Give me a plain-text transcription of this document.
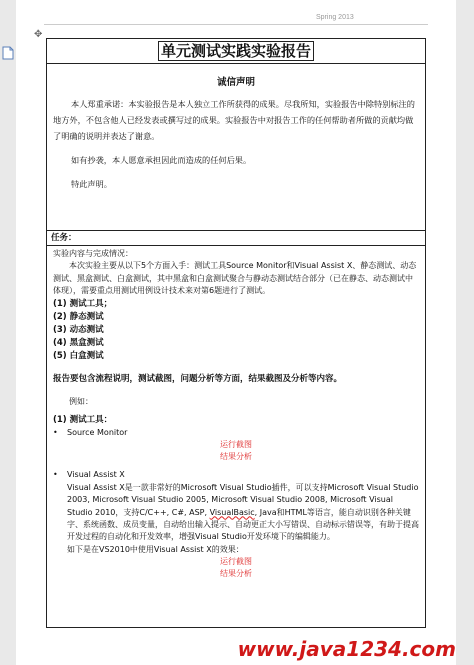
Spring 2013
✥
单元测试实践实验报告
诚信声明

本人郑重承诺：本实验报告是本人独立工作所获得的成果。尽我所知，实验报告中除特别标注的地方外，不包含他人已经发表或撰写过的成果。实验报告中对报告工作的任何帮助者所做的贡献均做了明确的说明并表达了谢意。

如有抄袭，本人愿意承担因此而造成的任何后果。

特此声明。

任务：
实验内容与完成情况：
本次实验主要从以下5个方面入手：测试工具Source Monitor和Visual Assist X、静态测试、动态测试、黑盒测试、白盒测试，其中黑盒和白盒测试聚合与静动态测试结合部分（已在静态、动态测试中体现），需要重点用测试用例设计技术来对第6题进行了测试。
(1) 测试工具；
(2) 静态测试
(3) 动态测试
(4) 黑盒测试
(5) 白盒测试
报告要包含流程说明，测试截图，问题分析等方面，结果截图及分析等内容。
例如：
(1) 测试工具：
•	Source Monitor
运行截图
结果分析
•	Visual Assist X
Visual Assist X是一款非常好的Microsoft Visual Studio插件，可以支持Microsoft Visual Studio 2003, Microsoft Visual Studio 2005, Microsoft Visual Studio 2008, Microsoft Visual Studio 2010，支持C/C++, C#, ASP, VisualBasic, Java和HTML等语言，能自动识别各种关键字、系统函数、成员变量，自动给出输入提示、自动更正大小写错误、自动标示错误等，有助于提高开发过程的自动化和开发效率，增强Visual Studio开发环境下的编辑能力。
如下是在VS2010中使用Visual Assist X的效果：
运行截图
结果分析
www.java1234.com
